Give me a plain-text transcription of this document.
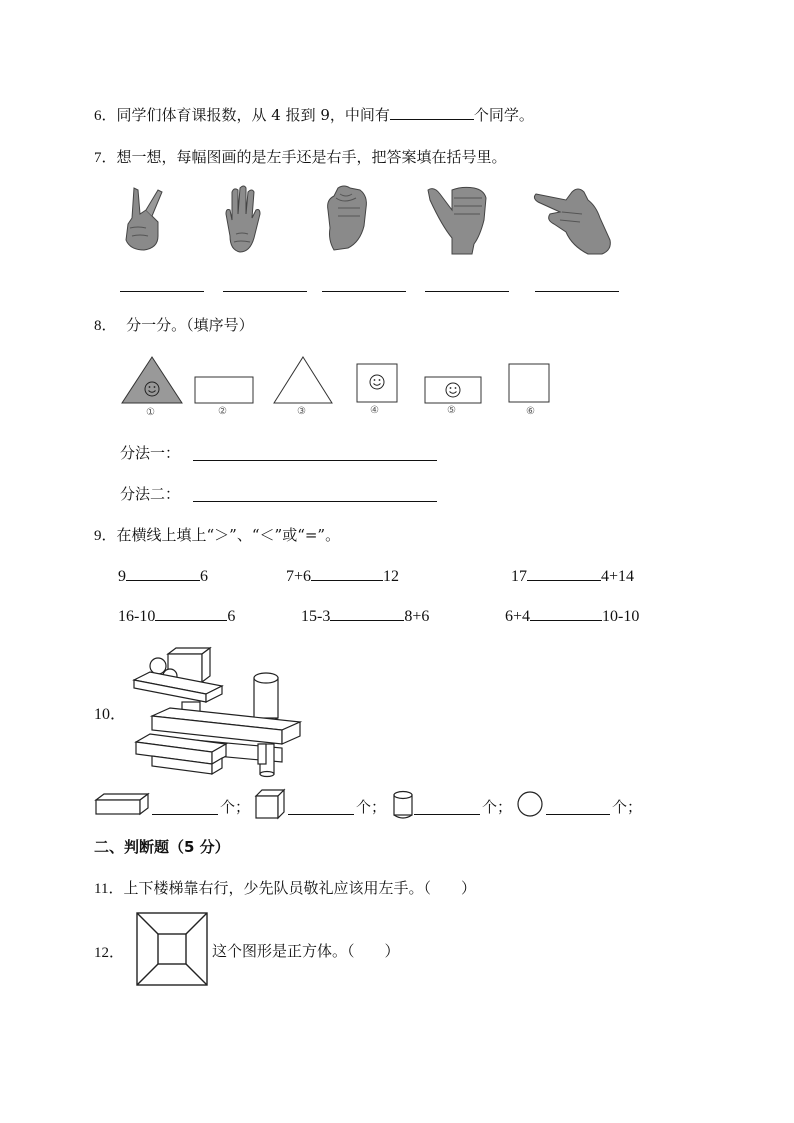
6．同学们体育课报数，从 4 报到 9，中间有	个同学。
7．想一想，每幅图画的是左手还是右手，把答案填在括号里。
8． 分一分。（填序号）
①	②	③	④	⑤	⑥
分法一：
分法二：
9．在横线上填上“＞”、“＜”或“=”。
9	6	7+6	12	17	4+14
16-10	6	15-3	8+6	6+4	10-10
10．
个；	个；	个；	个；
二、判断题（5 分）
11．上下楼梯靠右行，少先队员敬礼应该用左手。（　　）
12．	这个图形是正方体。（　　）
